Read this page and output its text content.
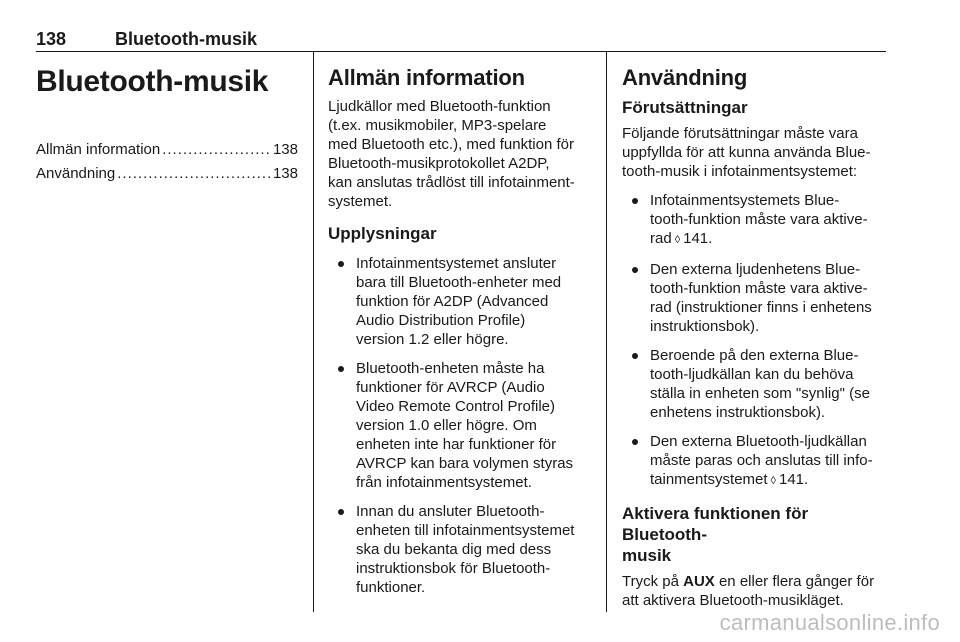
138	Bluetooth-musik
Bluetooth-musik
Allmän information .....	138
Användning .....	138
Allmän information

Ljudkällor med Bluetooth-funktion
(t.ex. musikmobiler, MP3-spelare
med Bluetooth etc.), med funktion för
Bluetooth-musikprotokollet A2DP,
kan anslutas trådlöst till infotainment-
systemet.

Upplysningar
Infotainmentsystemet ansluter
bara till Bluetooth-enheter med
funktion för A2DP (Advanced
Audio Distribution Profile)
version 1.2 eller högre.
Bluetooth-enheten måste ha
funktioner för AVRCP (Audio
Video Remote Control Profile)
version 1.0 eller högre. Om
enheten inte har funktioner för
AVRCP kan bara volymen styras
från infotainmentsystemet.
Innan du ansluter Bluetooth-
enheten till infotainmentsystemet
ska du bekanta dig med dess
instruktionsbok för Bluetooth-
funktioner.
Användning
Förutsättningar

Följande förutsättningar måste vara
uppfyllda för att kunna använda Blue-
tooth-musik i infotainmentsystemet:

Infotainmentsystemets Blue-
tooth-funktion måste vara aktive-
rad ◊ 141.
Den externa ljudenhetens Blue-
tooth-funktion måste vara aktive-
rad (instruktioner finns i enhetens
instruktionsbok).
Beroende på den externa Blue-
tooth-ljudkällan kan du behöva
ställa in enheten som "synlig" (se
enhetens instruktionsbok).
Den externa Bluetooth-ljudkällan
måste paras och anslutas till info-
tainmentsystemet ◊ 141.
Aktivera funktionen för Bluetooth-
musik

Tryck på AUX en eller flera gånger för
att aktivera Bluetooth-musikläget.

carmanualsonline.info
